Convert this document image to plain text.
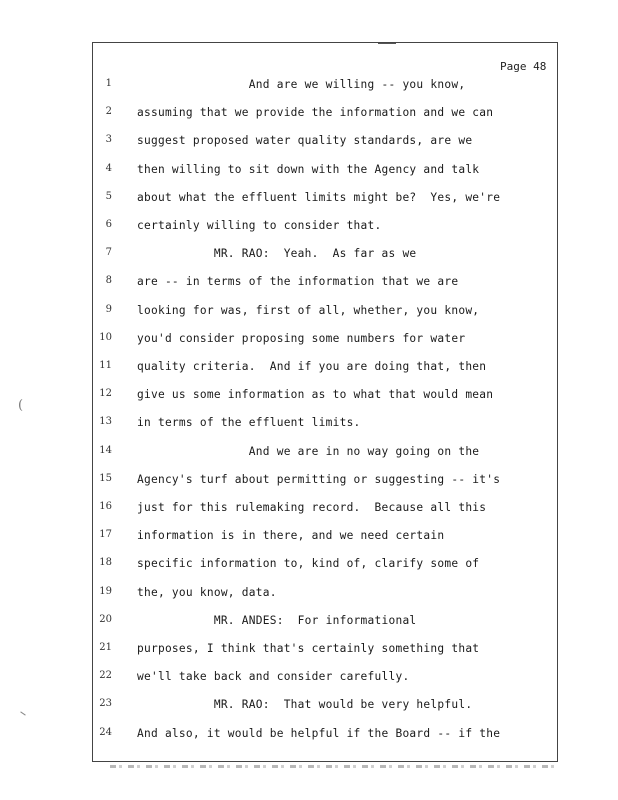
Page 48
1 And are we willing -- you know,
2 assuming that we provide the information and we can
3 suggest proposed water quality standards, are we
4 then willing to sit down with the Agency and talk
5 about what the effluent limits might be?  Yes, we're
6 certainly willing to consider that.
7 MR. RAO:  Yeah.  As far as we
8 are -- in terms of the information that we are
9 looking for was, first of all, whether, you know,
10 you'd consider proposing some numbers for water
11 quality criteria.  And if you are doing that, then
12 give us some information as to what that would mean
13 in terms of the effluent limits.
14 And we are in no way going on the
15 Agency's turf about permitting or suggesting -- it's
16 just for this rulemaking record.  Because all this
17 information is in there, and we need certain
18 specific information to, kind of, clarify some of
19 the, you know, data.
20 MR. ANDES:  For informational
21 purposes, I think that's certainly something that
22 we'll take back and consider carefully.
23 MR. RAO:  That would be very helpful.
24 And also, it would be helpful if the Board -- if the
(
